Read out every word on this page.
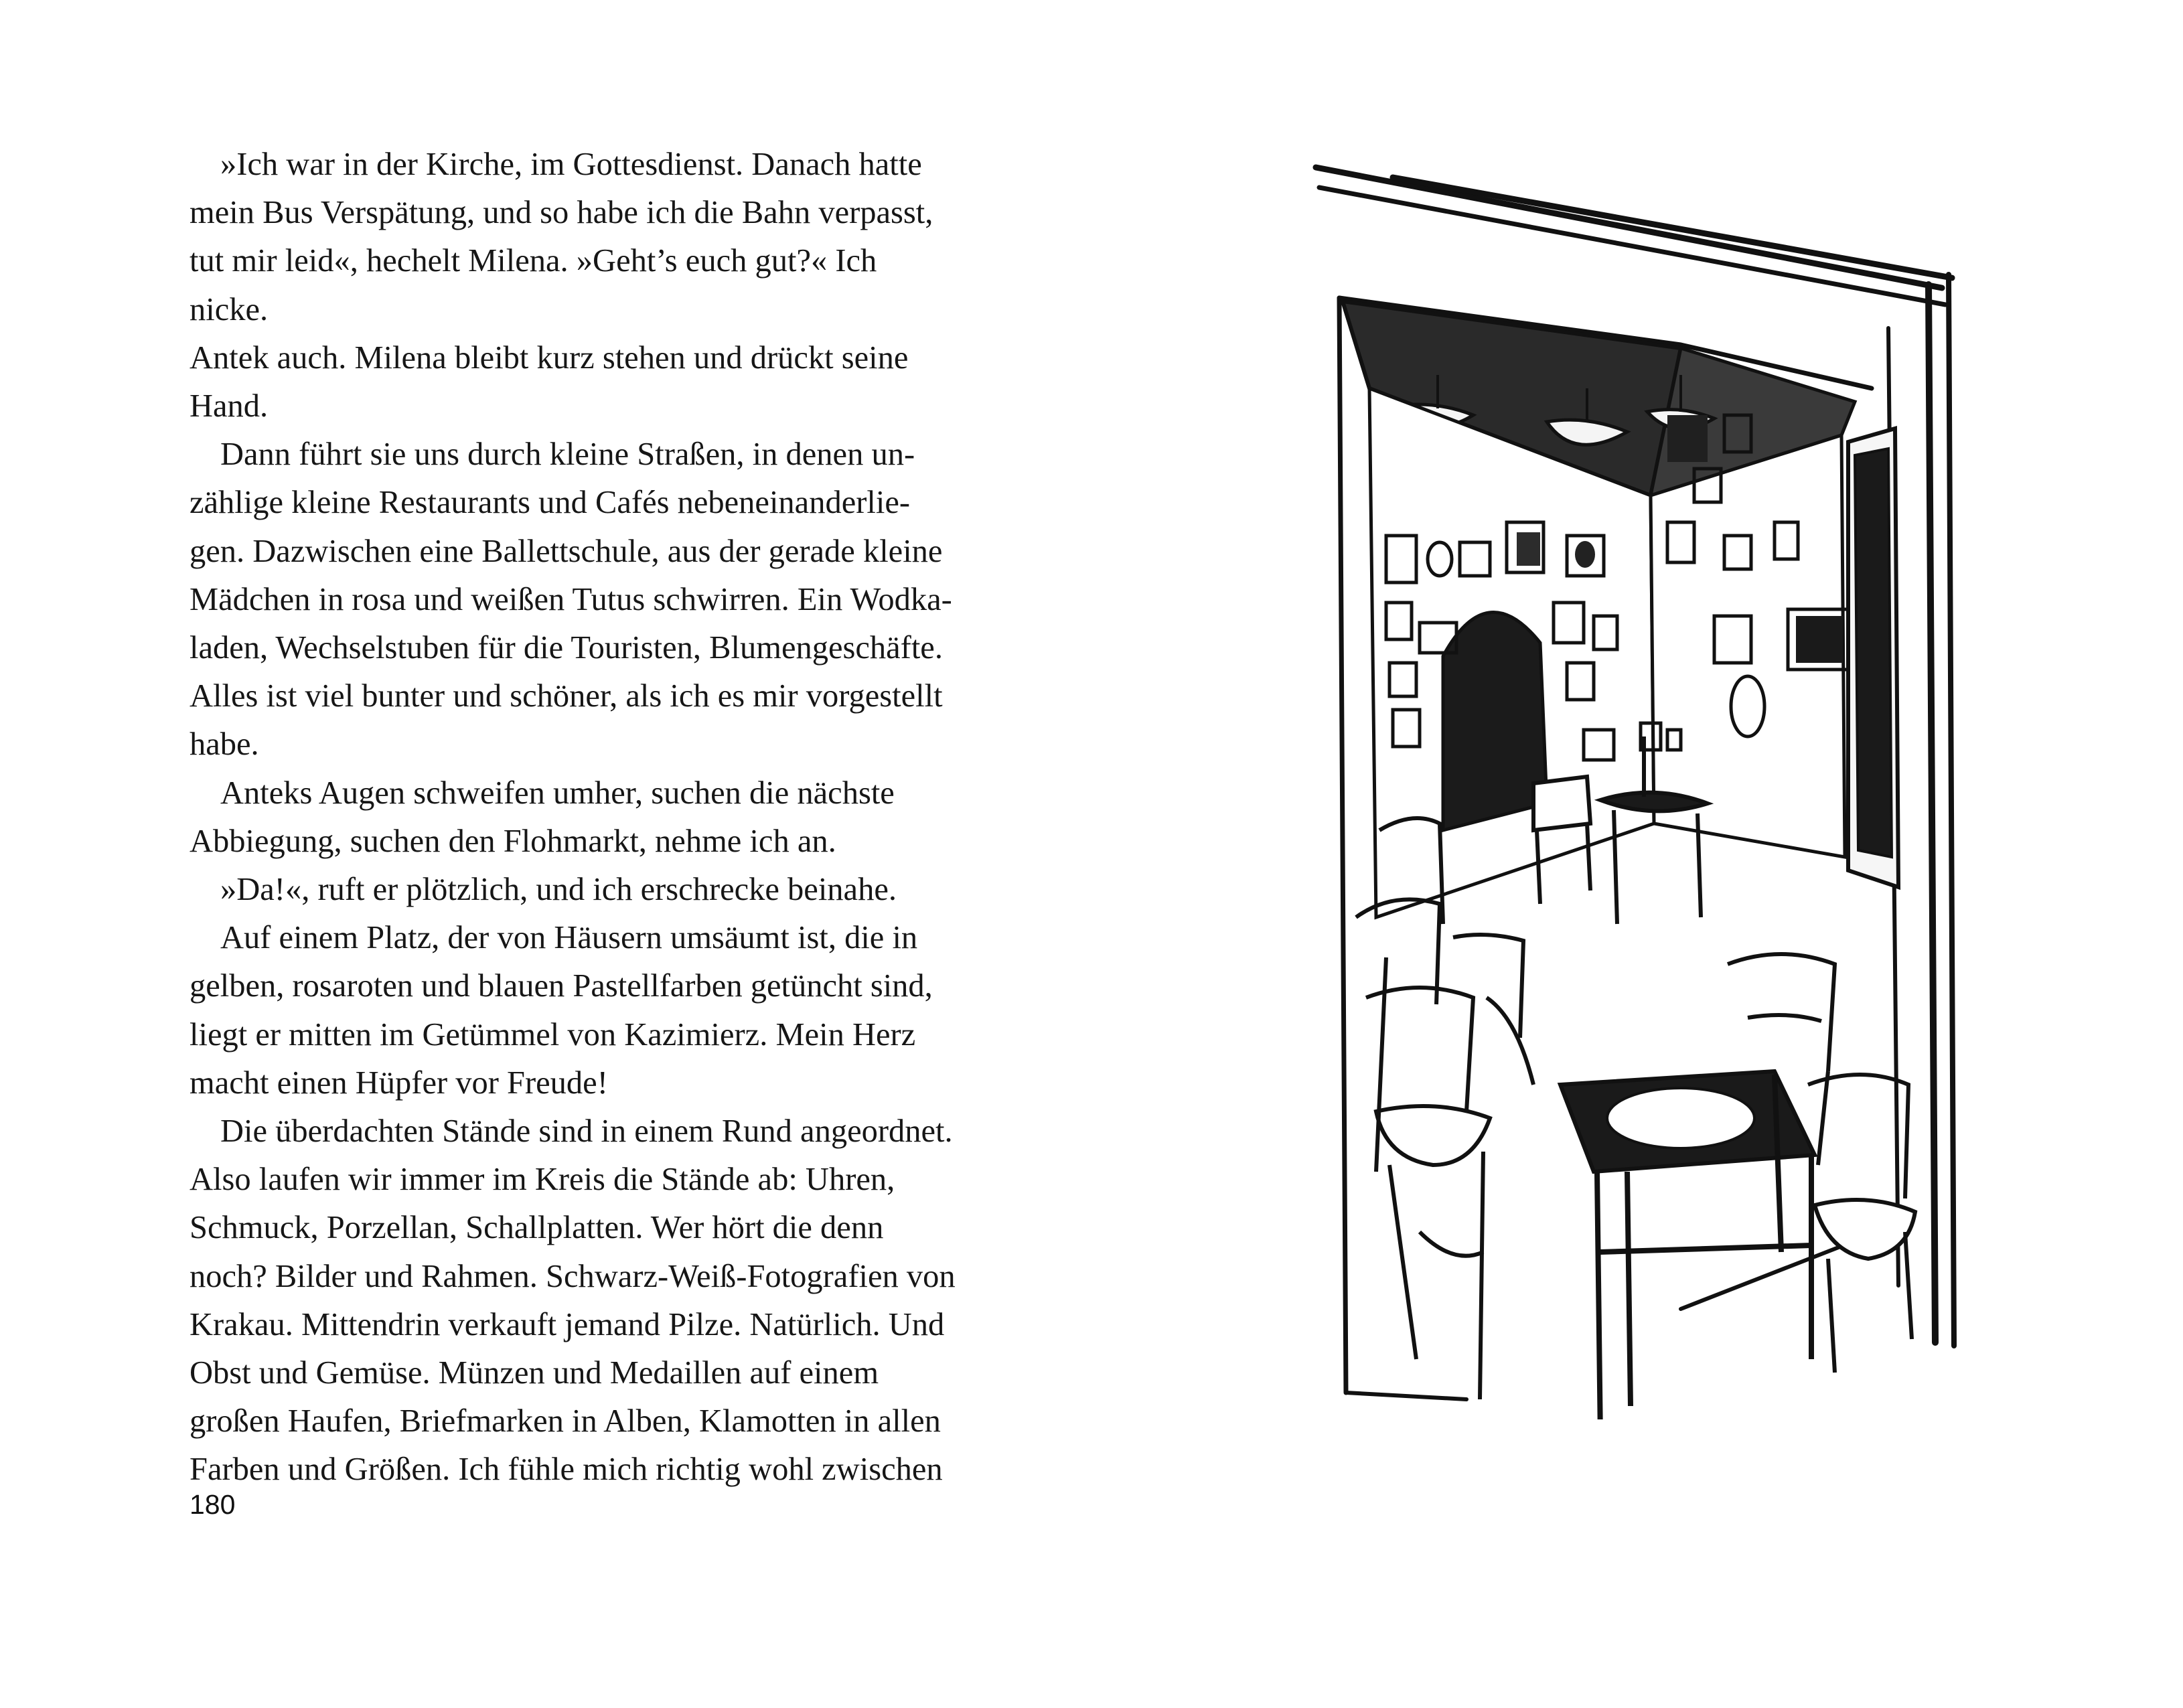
»Ich war in der Kirche, im Gottesdienst. Danach hatte
mein Bus Verspätung, und so habe ich die Bahn verpasst,
tut mir leid«, hechelt Milena. »Geht’s euch gut?« Ich nicke.
Antek auch. Milena bleibt kurz stehen und drückt seine
Hand.
Dann führt sie uns durch kleine Straßen, in denen un-
zählige kleine Restaurants und Cafés nebeneinanderlie-
gen. Dazwischen eine Ballettschule, aus der gerade kleine
Mädchen in rosa und weißen Tutus schwirren. Ein Wodka-
laden, Wechselstuben für die Touristen, Blumengeschäfte.
Alles ist viel bunter und schöner, als ich es mir vorgestellt
habe.
Anteks Augen schweifen umher, suchen die nächste
Abbiegung, suchen den Flohmarkt, nehme ich an.
»Da!«, ruft er plötzlich, und ich erschrecke beinahe.
Auf einem Platz, der von Häusern umsäumt ist, die in
gelben, rosaroten und blauen Pastellfarben getüncht sind,
liegt er mitten im Getümmel von Kazimierz. Mein Herz
macht einen Hüpfer vor Freude!
Die überdachten Stände sind in einem Rund angeordnet.
Also laufen wir immer im Kreis die Stände ab: Uhren,
Schmuck, Porzellan, Schallplatten. Wer hört die denn
noch? Bilder und Rahmen. Schwarz-Weiß-Fotografien von
Krakau. Mittendrin verkauft jemand Pilze. Natürlich. Und
Obst und Gemüse. Münzen und Medaillen auf einem
großen Haufen, Briefmarken in Alben, Klamotten in allen
Farben und Größen. Ich fühle mich richtig wohl zwischen
180
